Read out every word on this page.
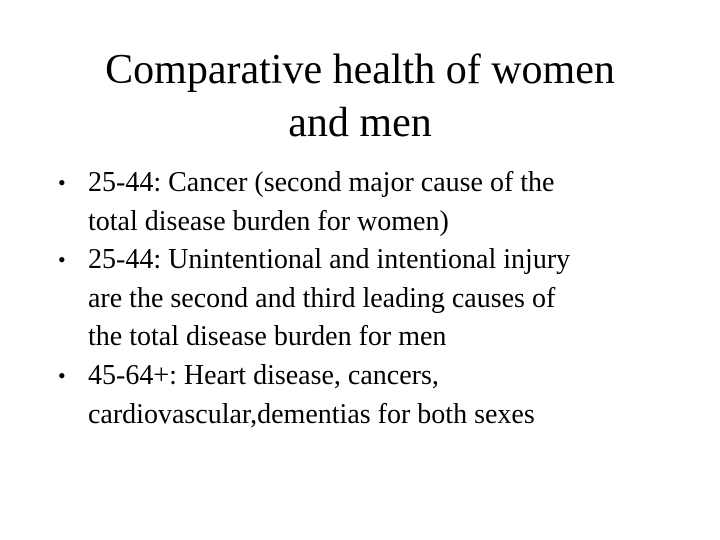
Comparative health of women
and men
• 25-44: Cancer (second major cause of the
total disease burden for women)
• 25-44: Unintentional and intentional injury
are the second and third leading causes of
the total disease burden for men
• 45-64+: Heart disease, cancers,
cardiovascular,dementias for both sexes
